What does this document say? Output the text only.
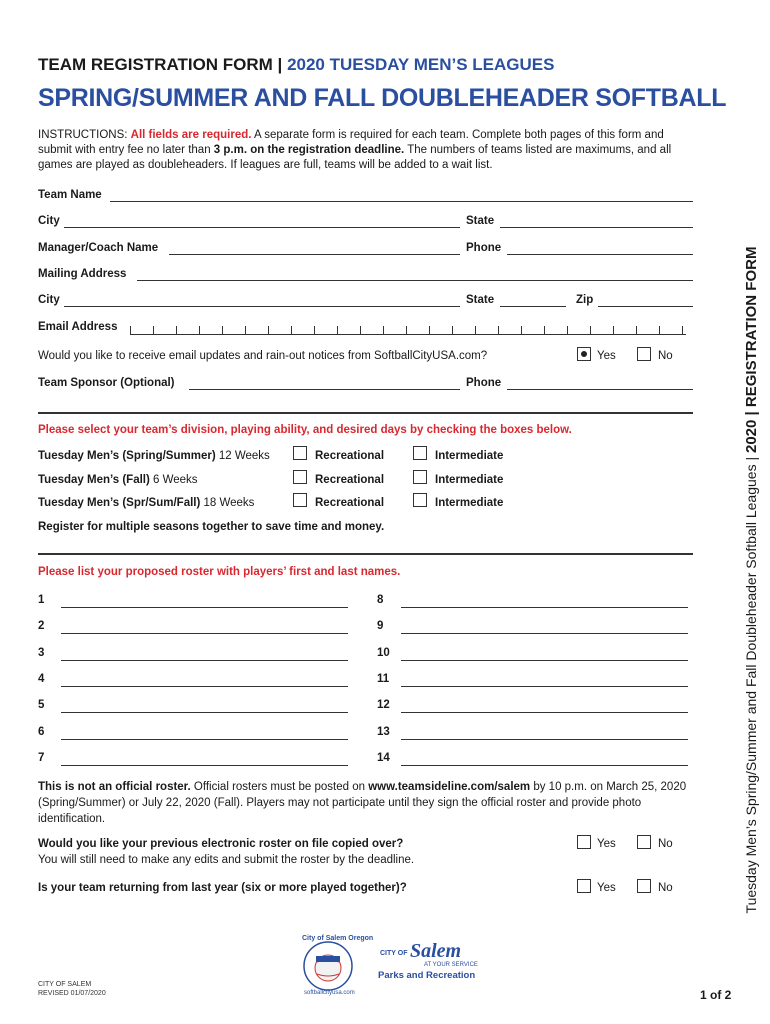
TEAM REGISTRATION FORM | 2020 TUESDAY MEN’S LEAGUES
SPRING/SUMMER AND FALL DOUBLEHEADER SOFTBALL
INSTRUCTIONS: All fields are required. A separate form is required for each team. Complete both pages of this form and submit with entry fee no later than 3 p.m. on the registration deadline. The numbers of teams listed are maximums, and all games are played as doubleheaders. If leagues are full, teams will be added to a wait list.
Team Name
City	State
Manager/Coach Name	Phone
Mailing Address
City	State	Zip
Email Address
Would you like to receive email updates and rain-out notices from SoftballCityUSA.com?	Yes	No
Team Sponsor (Optional)	Phone
Please select your team’s division, playing ability, and desired days by checking the boxes below.
Tuesday Men’s (Spring/Summer) 12 Weeks	Recreational	Intermediate
Tuesday Men’s (Fall) 6 Weeks	Recreational	Intermediate
Tuesday Men’s (Spr/Sum/Fall) 18 Weeks	Recreational	Intermediate
Register for multiple seasons together to save time and money.
Please list your proposed roster with players’ first and last names.
1
2
3
4
5
6
7
8
9
10
11
12
13
14
This is not an official roster. Official rosters must be posted on www.teamsideline.com/salem by 10 p.m. on March 25, 2020 (Spring/Summer) or July 22, 2020 (Fall). Players may not participate until they sign the official roster and provide photo identification.
Would you like your previous electronic roster on file copied over?
You will still need to make any edits and submit the roster by the deadline.
Yes	No
Is your team returning from last year (six or more played together)?	Yes	No	Tuesday Men’s Spring/Summer and Fall Doubleheader Softball Leagues | 2020 | REGISTRATION FORM
City of Salem Oregon
softballcityusa.com
CITY OF Salem
AT YOUR SERVICE
Parks and Recreation
CITY OF SALEM
REVISED 01/07/2020	1 of 2
